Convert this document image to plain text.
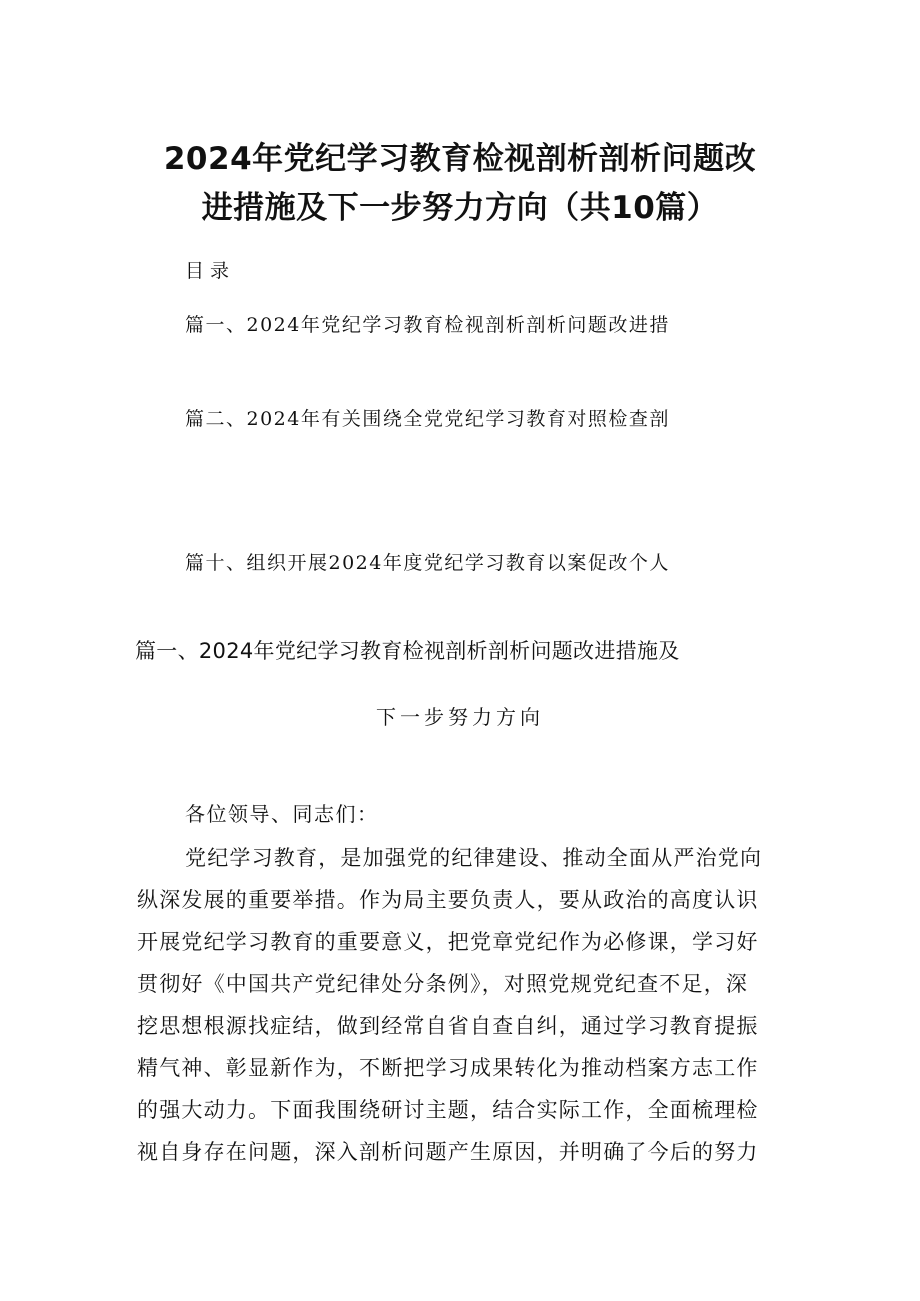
2024年党纪学习教育检视剖析剖析问题改
进措施及下一步努力方向（共10篇）
目录
篇一、2024年党纪学习教育检视剖析剖析问题改进措
篇二、2024年有关围绕全党党纪学习教育对照检查剖
篇十、组织开展2024年度党纪学习教育以案促改个人
篇一、2024年党纪学习教育检视剖析剖析问题改进措施及
下一步努力方向
各位领导、同志们：
党纪学习教育，是加强党的纪律建设、推动全面从严治党向
纵深发展的重要举措。作为局主要负责人，要从政治的高度认识
开展党纪学习教育的重要意义，把党章党纪作为必修课，学习好
贯彻好《中国共产党纪律处分条例》，对照党规党纪查不足，深
挖思想根源找症结，做到经常自省自查自纠，通过学习教育提振
精气神、彰显新作为，不断把学习成果转化为推动档案方志工作
的强大动力。下面我围绕研讨主题，结合实际工作，全面梳理检
视自身存在问题，深入剖析问题产生原因，并明确了今后的努力
